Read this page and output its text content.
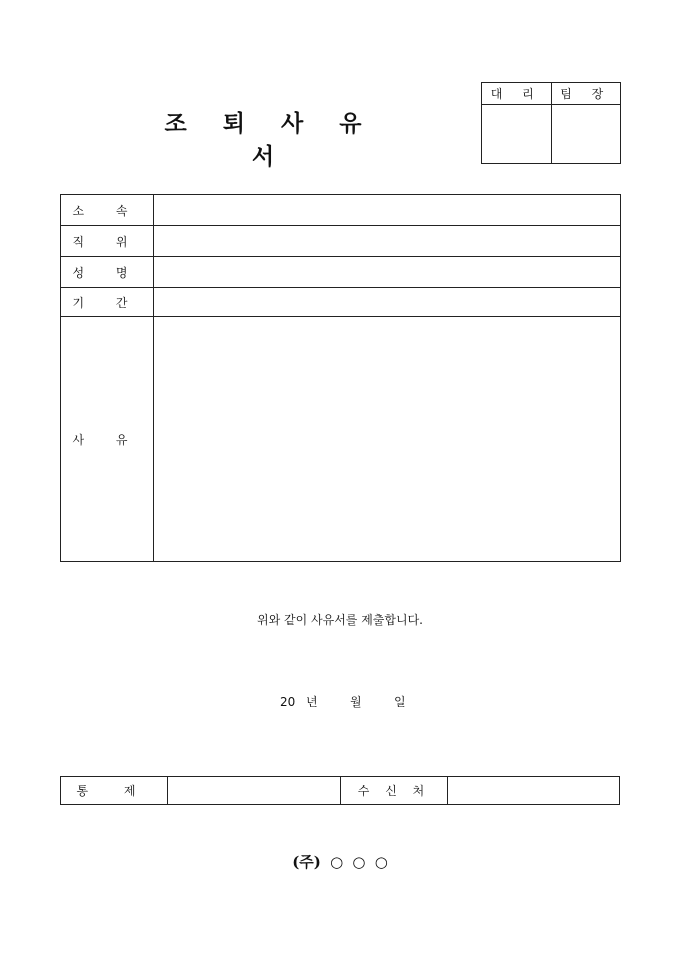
조 퇴 사 유 서
대 리	팀 장

소 속	
직 위	
성 명	
기 간	
사 유	
위와 같이 사유서를 제출합니다.
20 년	월	일
통 제		수 신 처	
(주) ○ ○ ○
